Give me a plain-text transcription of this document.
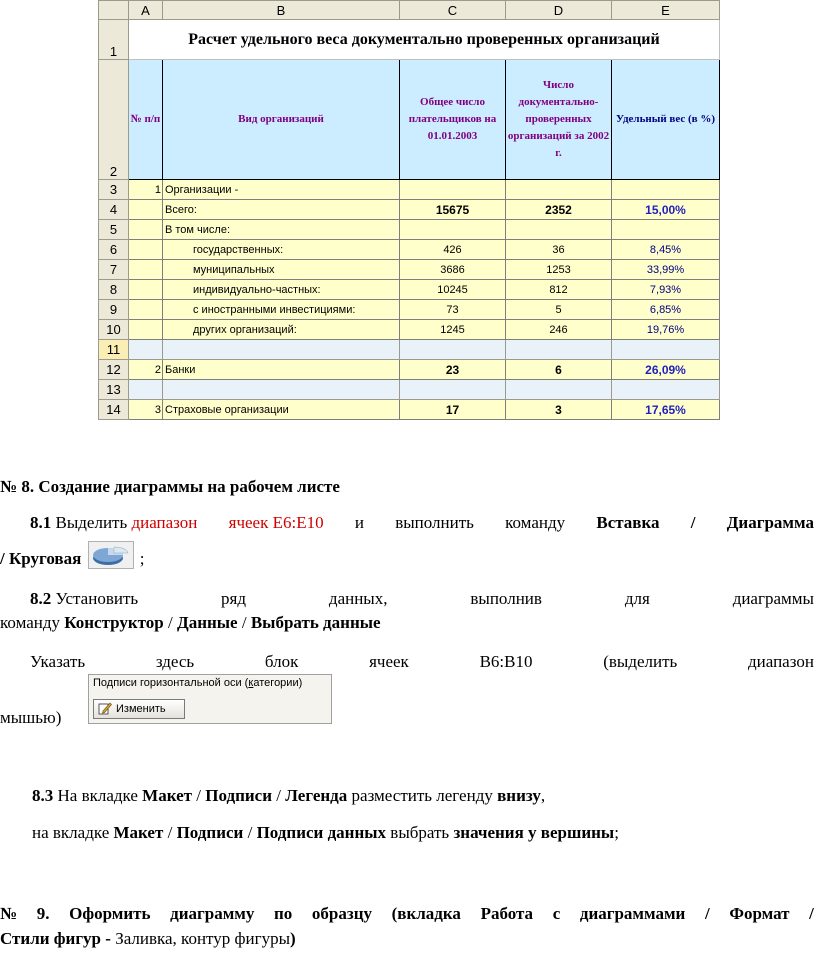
	A	B	C	D	E
1	Расчет удельного веса документально проверенных организаций				
2	№ п/п	Вид организаций	Общее число плательщиков на 01.01.2003	Число документально-проверенных организаций за 2002 г.	Удельный вес (в %)
3	1	Организации -			
4		Всего:	15675	2352	15,00%
5		В том числе:			
6		государственных:	426	36	8,45%
7		муниципальных	3686	1253	33,99%
8		индивидуально-частных:	10245	812	7,93%
9		с иностранными инвестициями:	73	5	6,85%
10		других организаций:	1245	246	19,76%
11					
12	2	Банки	23	6	26,09%
13					
14	3	Страховые организации	17	3	17,65%
№ 8. Создание диаграммы на рабочем листе
8.1 Выделить диапазон ячеек E6:E10 и выполнить команду Вставка / Диаграмма
/ Круговая	;
8.2 Установить	ряд	данных,	выполнив	для	диаграммы
команду Конструктор / Данные / Выбрать данные
Указать	здесь	блок	ячеек	B6:B10	(выделить	диапазон
мышью)
Подписи горизонтальной оси (категории)
Изменить
8.3 На вкладке Макет / Подписи / Легенда разместить легенду внизу,
на вкладке Макет / Подписи / Подписи данных выбрать значения у вершины;
№ 9. Оформить диаграмму по образцу (вкладка Работа с диаграммами / Формат /
Стили фигур - Заливка, контур фигуры)
